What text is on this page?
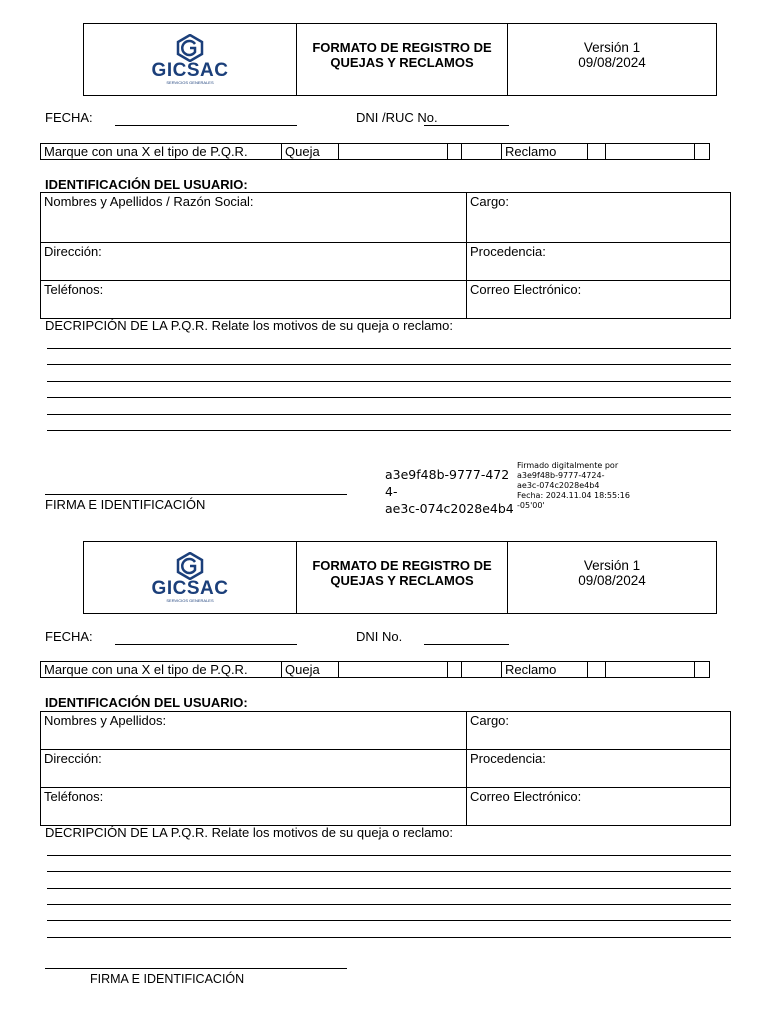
GICSAC
SERVICIOS GENERALES
FORMATO DE REGISTRO DE QUEJAS Y RECLAMOS
Versión 1
09/08/2024
FECHA:	DNI /RUC No.
Marque con una X el tipo de P.Q.R.	Queja	Reclamo
IDENTIFICACIÓN DEL USUARIO:
Nombres y Apellidos / Razón Social:	Cargo:
Dirección:	Procedencia:
Teléfonos:	Correo Electrónico:
DECRIPCIÓN DE LA P.Q.R. Relate los motivos de su queja o reclamo:
FIRMA E IDENTIFICACIÓN
a3e9f48b-9777-472
4-
ae3c-074c2028e4b4
Firmado digitalmente por
a3e9f48b-9777-4724-
ae3c-074c2028e4b4
Fecha: 2024.11.04 18:55:16
-05'00'
GICSAC
SERVICIOS GENERALES
FORMATO DE REGISTRO DE QUEJAS Y RECLAMOS
Versión 1
09/08/2024
FECHA:	DNI No.
Marque con una X el tipo de P.Q.R.	Queja	Reclamo
IDENTIFICACIÓN DEL USUARIO:
Nombres y Apellidos:	Cargo:
Dirección:	Procedencia:
Teléfonos:	Correo Electrónico:
DECRIPCIÓN DE LA P.Q.R. Relate los motivos de su queja o reclamo:
FIRMA E IDENTIFICACIÓN
